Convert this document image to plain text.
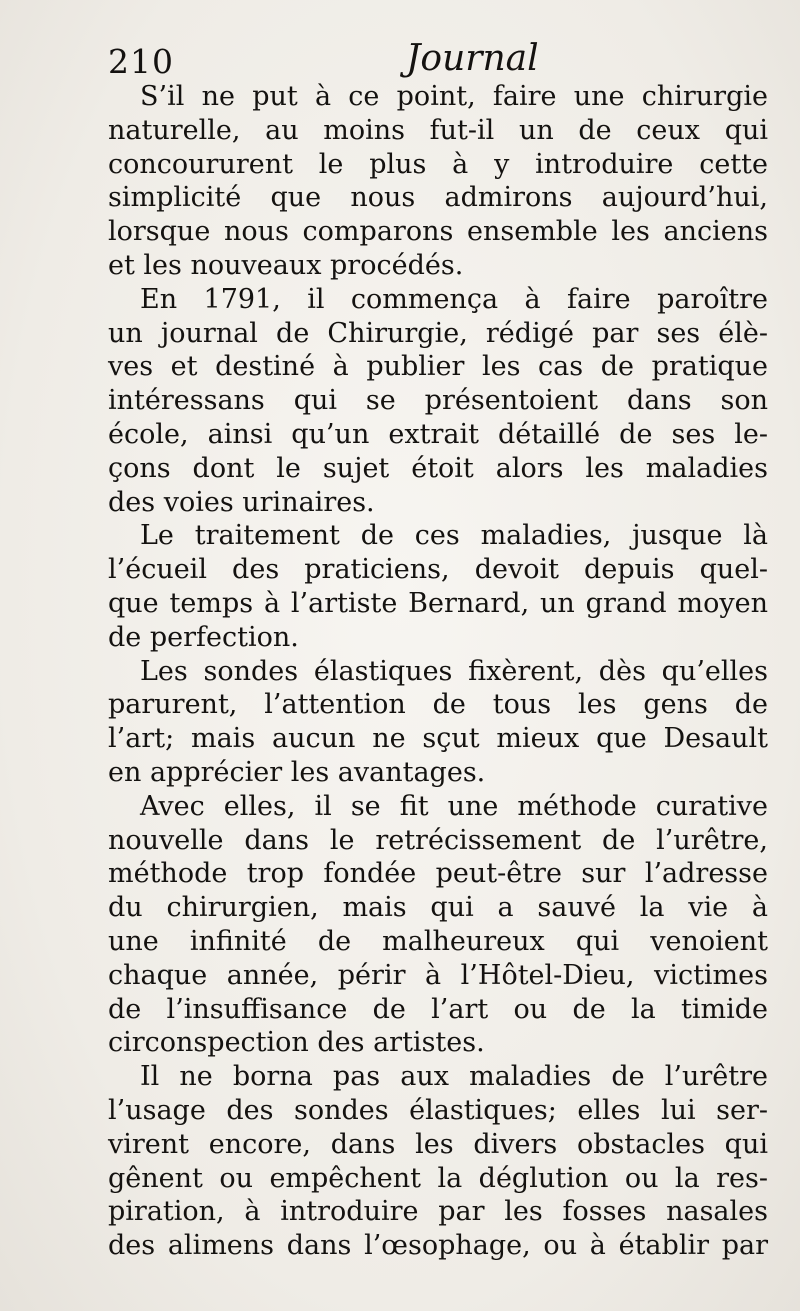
210	Journal
S’il ne put à ce point, faire une chirurgie
naturelle, au moins fut-il un de ceux qui
concoururent le plus à y introduire cette
simplicité que nous admirons aujourd’hui,
lorsque nous comparons ensemble les anciens
et les nouveaux procédés.
En 1791, il commença à faire paroître
un journal de Chirurgie, rédigé par ses élè-
ves et destiné à publier les cas de pratique
intéressans qui se présentoient dans son
école, ainsi qu’un extrait détaillé de ses le-
çons dont le sujet étoit alors les maladies
des voies urinaires.
Le traitement de ces maladies, jusque là
l’écueil des praticiens, devoit depuis quel-
que temps à l’artiste Bernard, un grand moyen
de perfection.
Les sondes élastiques fixèrent, dès qu’elles
parurent, l’attention de tous les gens de
l’art; mais aucun ne sçut mieux que Desault
en apprécier les avantages.
Avec elles, il se fit une méthode curative
nouvelle dans le retrécissement de l’urêtre,
méthode trop fondée peut-être sur l’adresse
du chirurgien, mais qui a sauvé la vie à
une infinité de malheureux qui venoient
chaque année, périr à l’Hôtel-Dieu, victimes
de l’insuffisance de l’art ou de la timide
circonspection des artistes.
Il ne borna pas aux maladies de l’urêtre
l’usage des sondes élastiques; elles lui ser-
virent encore, dans les divers obstacles qui
gênent ou empêchent la déglution ou la res-
piration, à introduire par les fosses nasales
des alimens dans l’œsophage, ou à établir par
